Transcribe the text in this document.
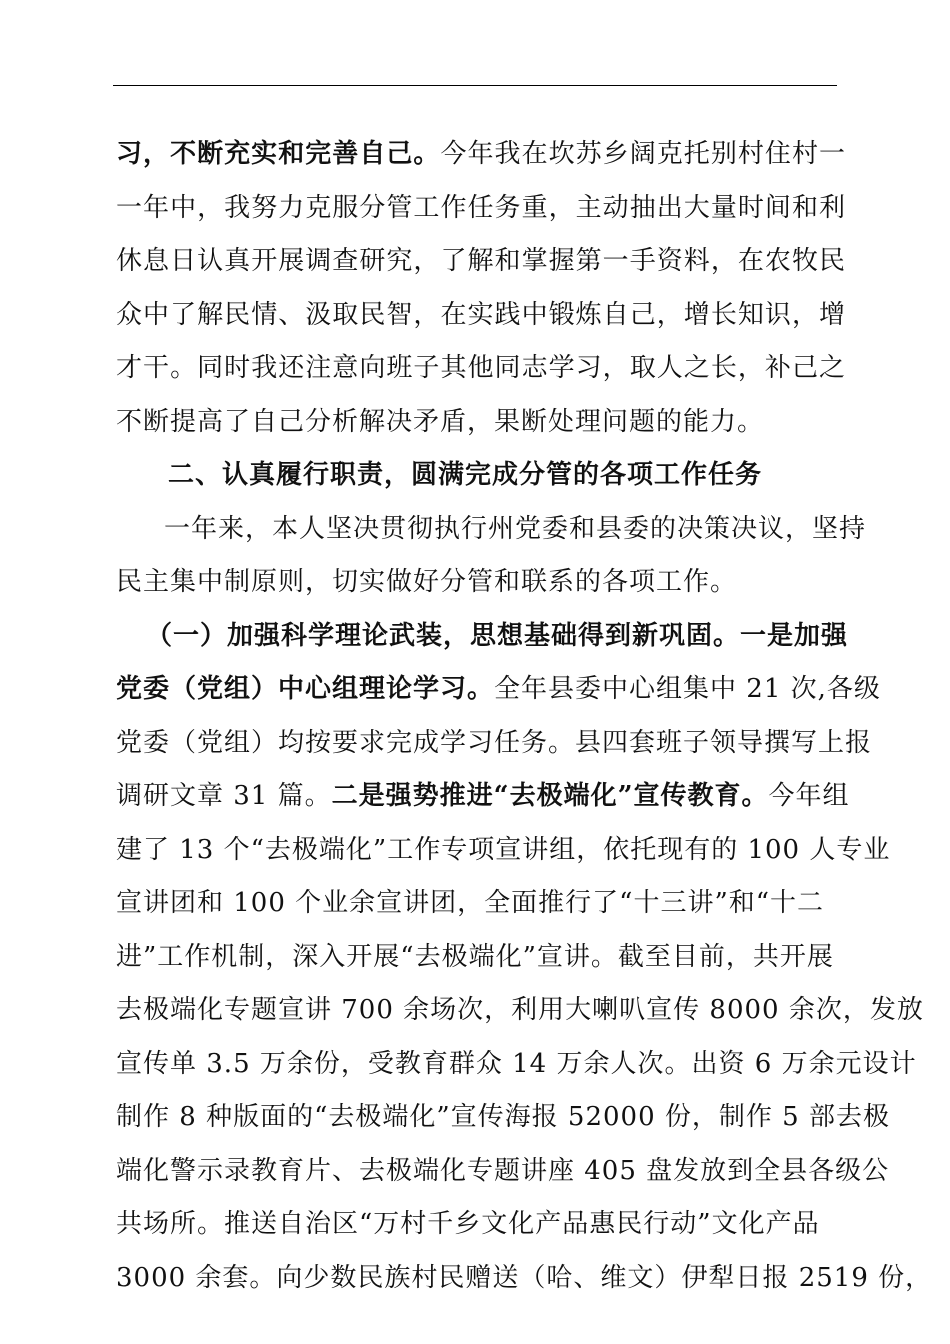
习，不断充实和完善自己。今年我在坎苏乡阔克托别村住村一
一年中，我努力克服分管工作任务重，主动抽出大量时间和利
休息日认真开展调查研究，了解和掌握第一手资料，在农牧民
众中了解民情、汲取民智，在实践中锻炼自己，增长知识，增
才干。同时我还注意向班子其他同志学习，取人之长，补己之
不断提高了自己分析解决矛盾，果断处理问题的能力。
二、认真履行职责，圆满完成分管的各项工作任务
一年来，本人坚决贯彻执行州党委和县委的决策决议，坚持
民主集中制原则，切实做好分管和联系的各项工作。
（一）加强科学理论武装，思想基础得到新巩固。一是加强
党委（党组）中心组理论学习。全年县委中心组集中 21 次,各级
党委（党组）均按要求完成学习任务。县四套班子领导撰写上报
调研文章 31 篇。二是强势推进“去极端化”宣传教育。今年组
建了 13 个“去极端化”工作专项宣讲组，依托现有的 100 人专业
宣讲团和 100 个业余宣讲团，全面推行了“十三讲”和“十二
进”工作机制，深入开展“去极端化”宣讲。截至目前，共开展
去极端化专题宣讲 700 余场次，利用大喇叭宣传 8000 余次，发放
宣传单 3.5 万余份，受教育群众 14 万余人次。出资 6 万余元设计
制作 8 种版面的“去极端化”宣传海报 52000 份，制作 5 部去极
端化警示录教育片、去极端化专题讲座 405 盘发放到全县各级公
共场所。推送自治区“万村千乡文化产品惠民行动”文化产品
3000 余套。向少数民族村民赠送（哈、维文）伊犁日报 2519 份，
